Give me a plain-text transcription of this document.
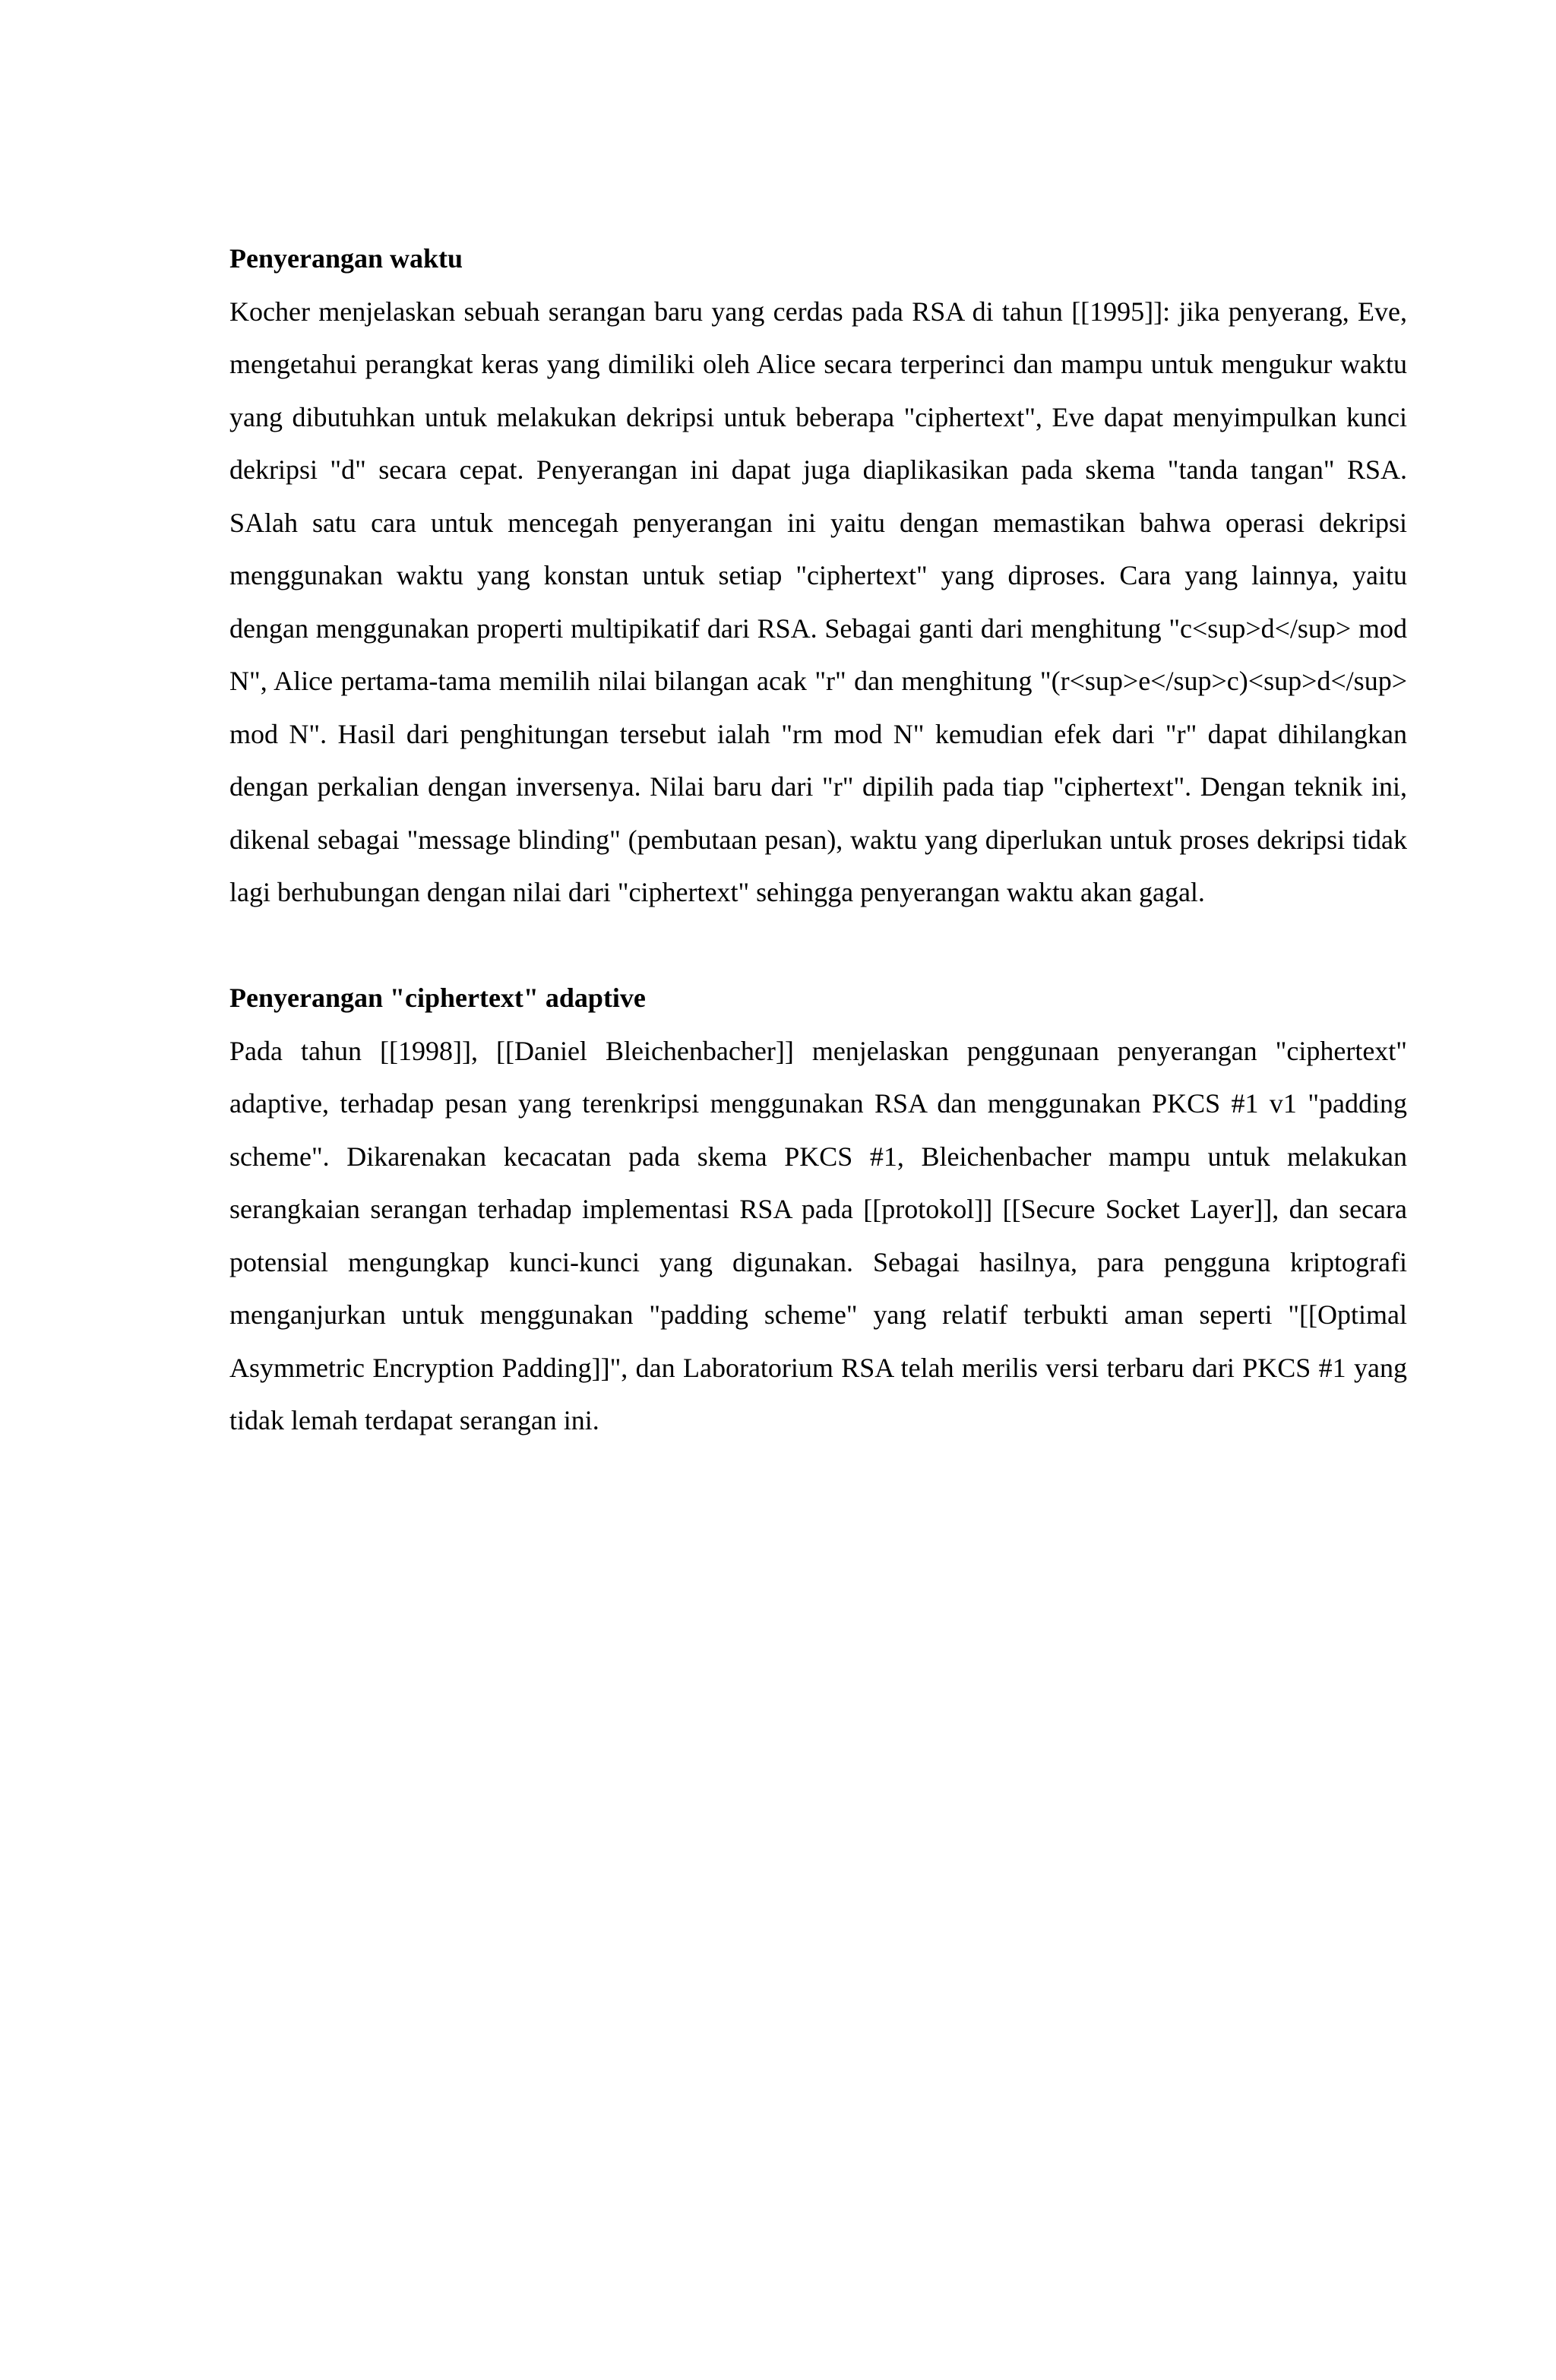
Penyerangan waktu

Kocher menjelaskan sebuah serangan baru yang cerdas pada RSA di tahun [[1995]]: jika penyerang, Eve, mengetahui perangkat keras yang dimiliki oleh Alice secara terperinci dan mampu untuk mengukur waktu yang dibutuhkan untuk melakukan dekripsi untuk beberapa "ciphertext", Eve dapat menyimpulkan kunci dekripsi "d" secara cepat. Penyerangan ini dapat juga diaplikasikan pada skema "tanda tangan" RSA. SAlah satu cara untuk mencegah penyerangan ini yaitu dengan memastikan bahwa operasi dekripsi menggunakan waktu yang konstan untuk setiap "ciphertext" yang diproses. Cara yang lainnya, yaitu dengan menggunakan properti multipikatif dari RSA. Sebagai ganti dari menghitung "c<sup>d</sup> mod N", Alice pertama-tama memilih nilai bilangan acak "r" dan menghitung "(r<sup>e</sup>c)<sup>d</sup> mod N". Hasil dari penghitungan tersebut ialah "rm mod N" kemudian efek dari "r" dapat dihilangkan dengan perkalian dengan inversenya. Nilai baru dari "r" dipilih pada tiap "ciphertext". Dengan teknik ini, dikenal sebagai "message blinding" (pembutaan pesan), waktu yang diperlukan untuk proses dekripsi tidak lagi berhubungan dengan nilai dari "ciphertext" sehingga penyerangan waktu akan gagal.

Penyerangan "ciphertext" adaptive

Pada tahun [[1998]], [[Daniel Bleichenbacher]] menjelaskan penggunaan penyerangan "ciphertext" adaptive, terhadap pesan yang terenkripsi menggunakan RSA dan menggunakan PKCS #1 v1 "padding scheme". Dikarenakan kecacatan pada skema PKCS #1, Bleichenbacher mampu untuk melakukan serangkaian serangan terhadap implementasi RSA pada [[protokol]] [[Secure Socket Layer]], dan secara potensial mengungkap kunci-kunci yang digunakan. Sebagai hasilnya, para pengguna kriptografi menganjurkan untuk menggunakan "padding scheme" yang relatif terbukti aman seperti "[[Optimal Asymmetric Encryption Padding]]", dan Laboratorium RSA telah merilis versi terbaru dari PKCS #1 yang tidak lemah terdapat serangan ini.
